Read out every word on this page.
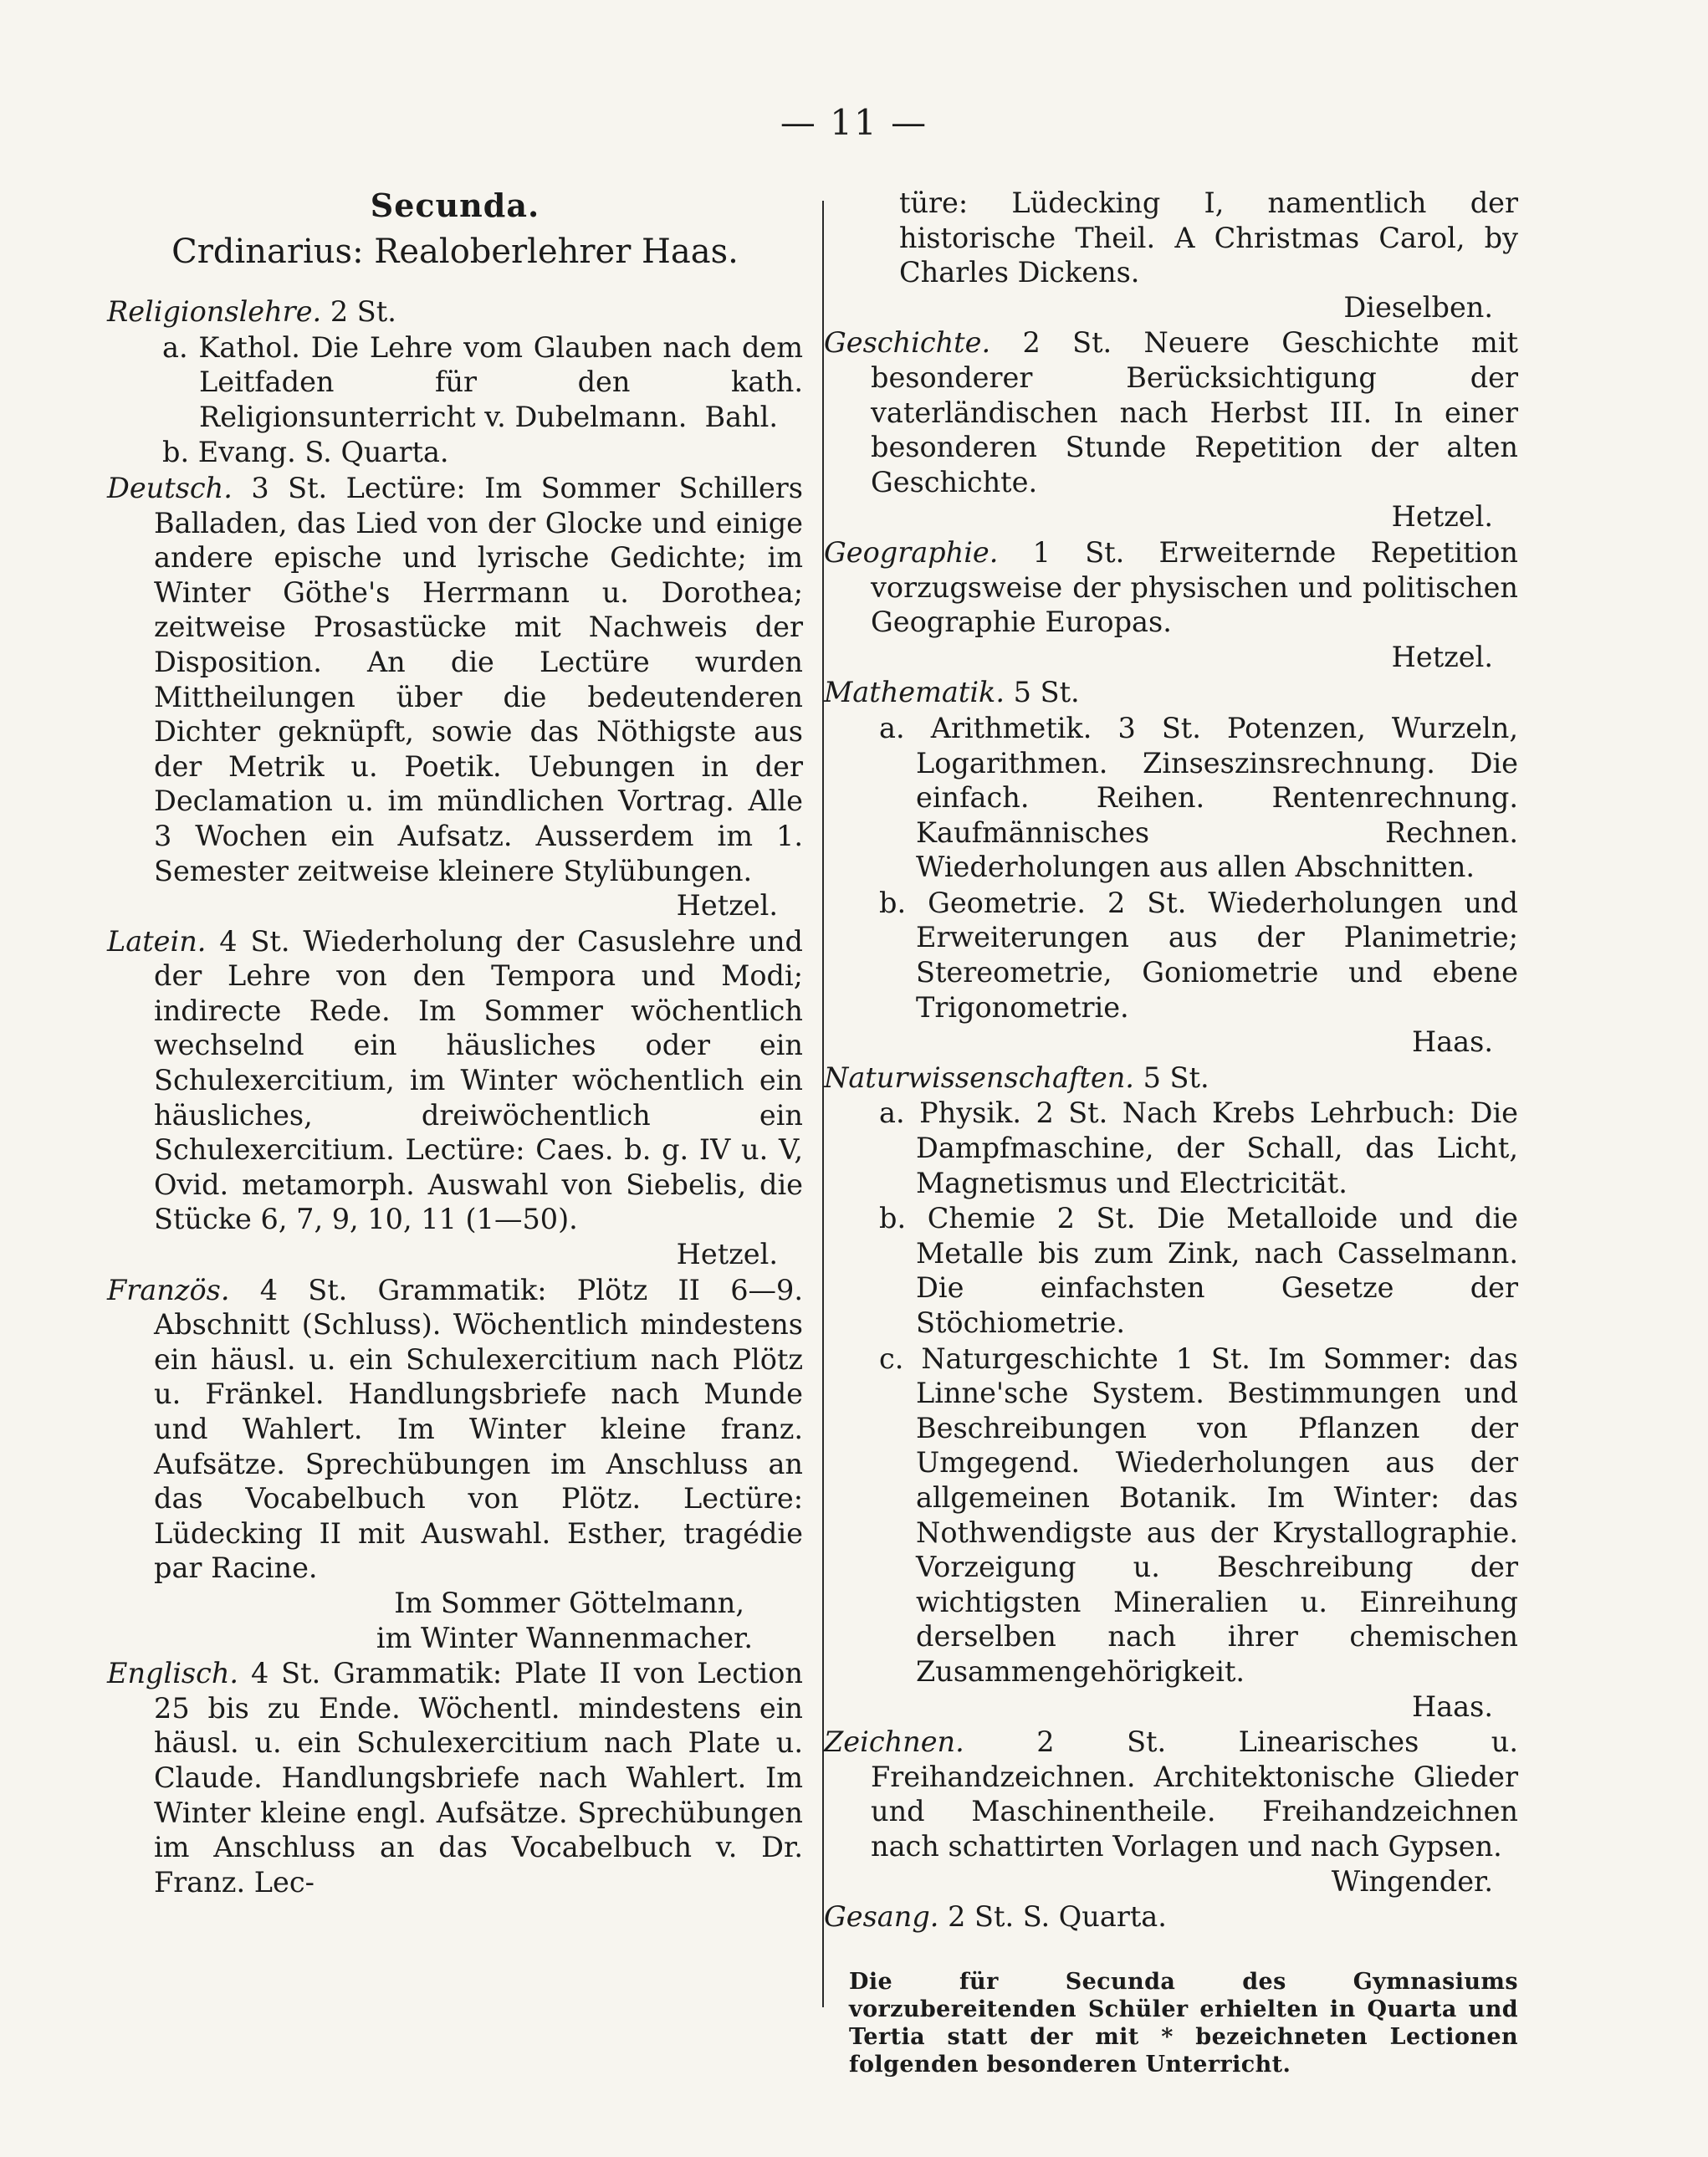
— 11 —
Secunda.
Crdinarius: Realoberlehrer Haas.
Religionslehre. 2 St.
a. Kathol. Die Lehre vom Glauben nach dem Leitfaden für den kath. Religionsunterricht v. Dubelmann. Bahl.
b. Evang. S. Quarta.
Deutsch. 3 St. Lectüre: Im Sommer Schillers Balladen, das Lied von der Glocke und einige andere epische und lyrische Gedichte; im Winter Göthe's Herrmann u. Dorothea; zeitweise Prosastücke mit Nachweis der Disposition. An die Lectüre wurden Mittheilungen über die bedeutenderen Dichter geknüpft, sowie das Nöthigste aus der Metrik u. Poetik. Uebungen in der Declamation u. im mündlichen Vortrag. Alle 3 Wochen ein Aufsatz. Ausserdem im 1. Semester zeitweise kleinere Stylübungen.
Hetzel.
Latein. 4 St. Wiederholung der Casuslehre und der Lehre von den Tempora und Modi; indirecte Rede. Im Sommer wöchentlich wechselnd ein häusliches oder ein Schulexercitium, im Winter wöchentlich ein häusliches, dreiwöchentlich ein Schulexercitium. Lectüre: Caes. b. g. IV u. V, Ovid. metamorph. Auswahl von Siebelis, die Stücke 6, 7, 9, 10, 11 (1—50).
Hetzel.
Französ. 4 St. Grammatik: Plötz II 6—9. Abschnitt (Schluss). Wöchentlich mindestens ein häusl. u. ein Schulexercitium nach Plötz u. Fränkel. Handlungsbriefe nach Munde und Wahlert. Im Winter kleine franz. Aufsätze. Sprechübungen im Anschluss an das Vocabelbuch von Plötz. Lectüre: Lüdecking II mit Auswahl. Esther, tragédie par Racine.
Im Sommer Göttelmann,
im Winter Wannenmacher.
Englisch. 4 St. Grammatik: Plate II von Lection 25 bis zu Ende. Wöchentl. mindestens ein häusl. u. ein Schulexercitium nach Plate u. Claude. Handlungsbriefe nach Wahlert. Im Winter kleine engl. Aufsätze. Sprechübungen im Anschluss an das Vocabelbuch v. Dr. Franz. Lec-
türe: Lüdecking I, namentlich der historische Theil. A Christmas Carol, by Charles Dickens.
Dieselben.
Geschichte. 2 St. Neuere Geschichte mit besonderer Berücksichtigung der vaterländischen nach Herbst III. In einer besonderen Stunde Repetition der alten Geschichte.
Hetzel.
Geographie. 1 St. Erweiternde Repetition vorzugsweise der physischen und politischen Geographie Europas.
Hetzel.
Mathematik. 5 St.
a. Arithmetik. 3 St. Potenzen, Wurzeln, Logarithmen. Zinseszinsrechnung. Die einfach. Reihen. Rentenrechnung. Kaufmännisches Rechnen. Wiederholungen aus allen Abschnitten.
b. Geometrie. 2 St. Wiederholungen und Erweiterungen aus der Planimetrie; Stereometrie, Goniometrie und ebene Trigonometrie.
Haas.
Naturwissenschaften. 5 St.
a. Physik. 2 St. Nach Krebs Lehrbuch: Die Dampfmaschine, der Schall, das Licht, Magnetismus und Electricität.
b. Chemie 2 St. Die Metalloide und die Metalle bis zum Zink, nach Casselmann. Die einfachsten Gesetze der Stöchiometrie.
c. Naturgeschichte 1 St. Im Sommer: das Linne'sche System. Bestimmungen und Beschreibungen von Pflanzen der Umgegend. Wiederholungen aus der allgemeinen Botanik. Im Winter: das Nothwendigste aus der Krystallographie. Vorzeigung u. Beschreibung der wichtigsten Mineralien u. Einreihung derselben nach ihrer chemischen Zusammengehörigkeit.
Haas.
Zeichnen.	2 St. Linearisches u. Freihandzeichnen. Architektonische Glieder und Maschinentheile. Freihandzeichnen nach schattirten Vorlagen und nach Gypsen.
Wingender.
Gesang. 2 St. S. Quarta.
Die für Secunda des Gymnasiums vorzubereitenden Schüler erhielten in Quarta und Tertia statt der mit * bezeichneten Lectionen folgenden besonderen Unterricht.
